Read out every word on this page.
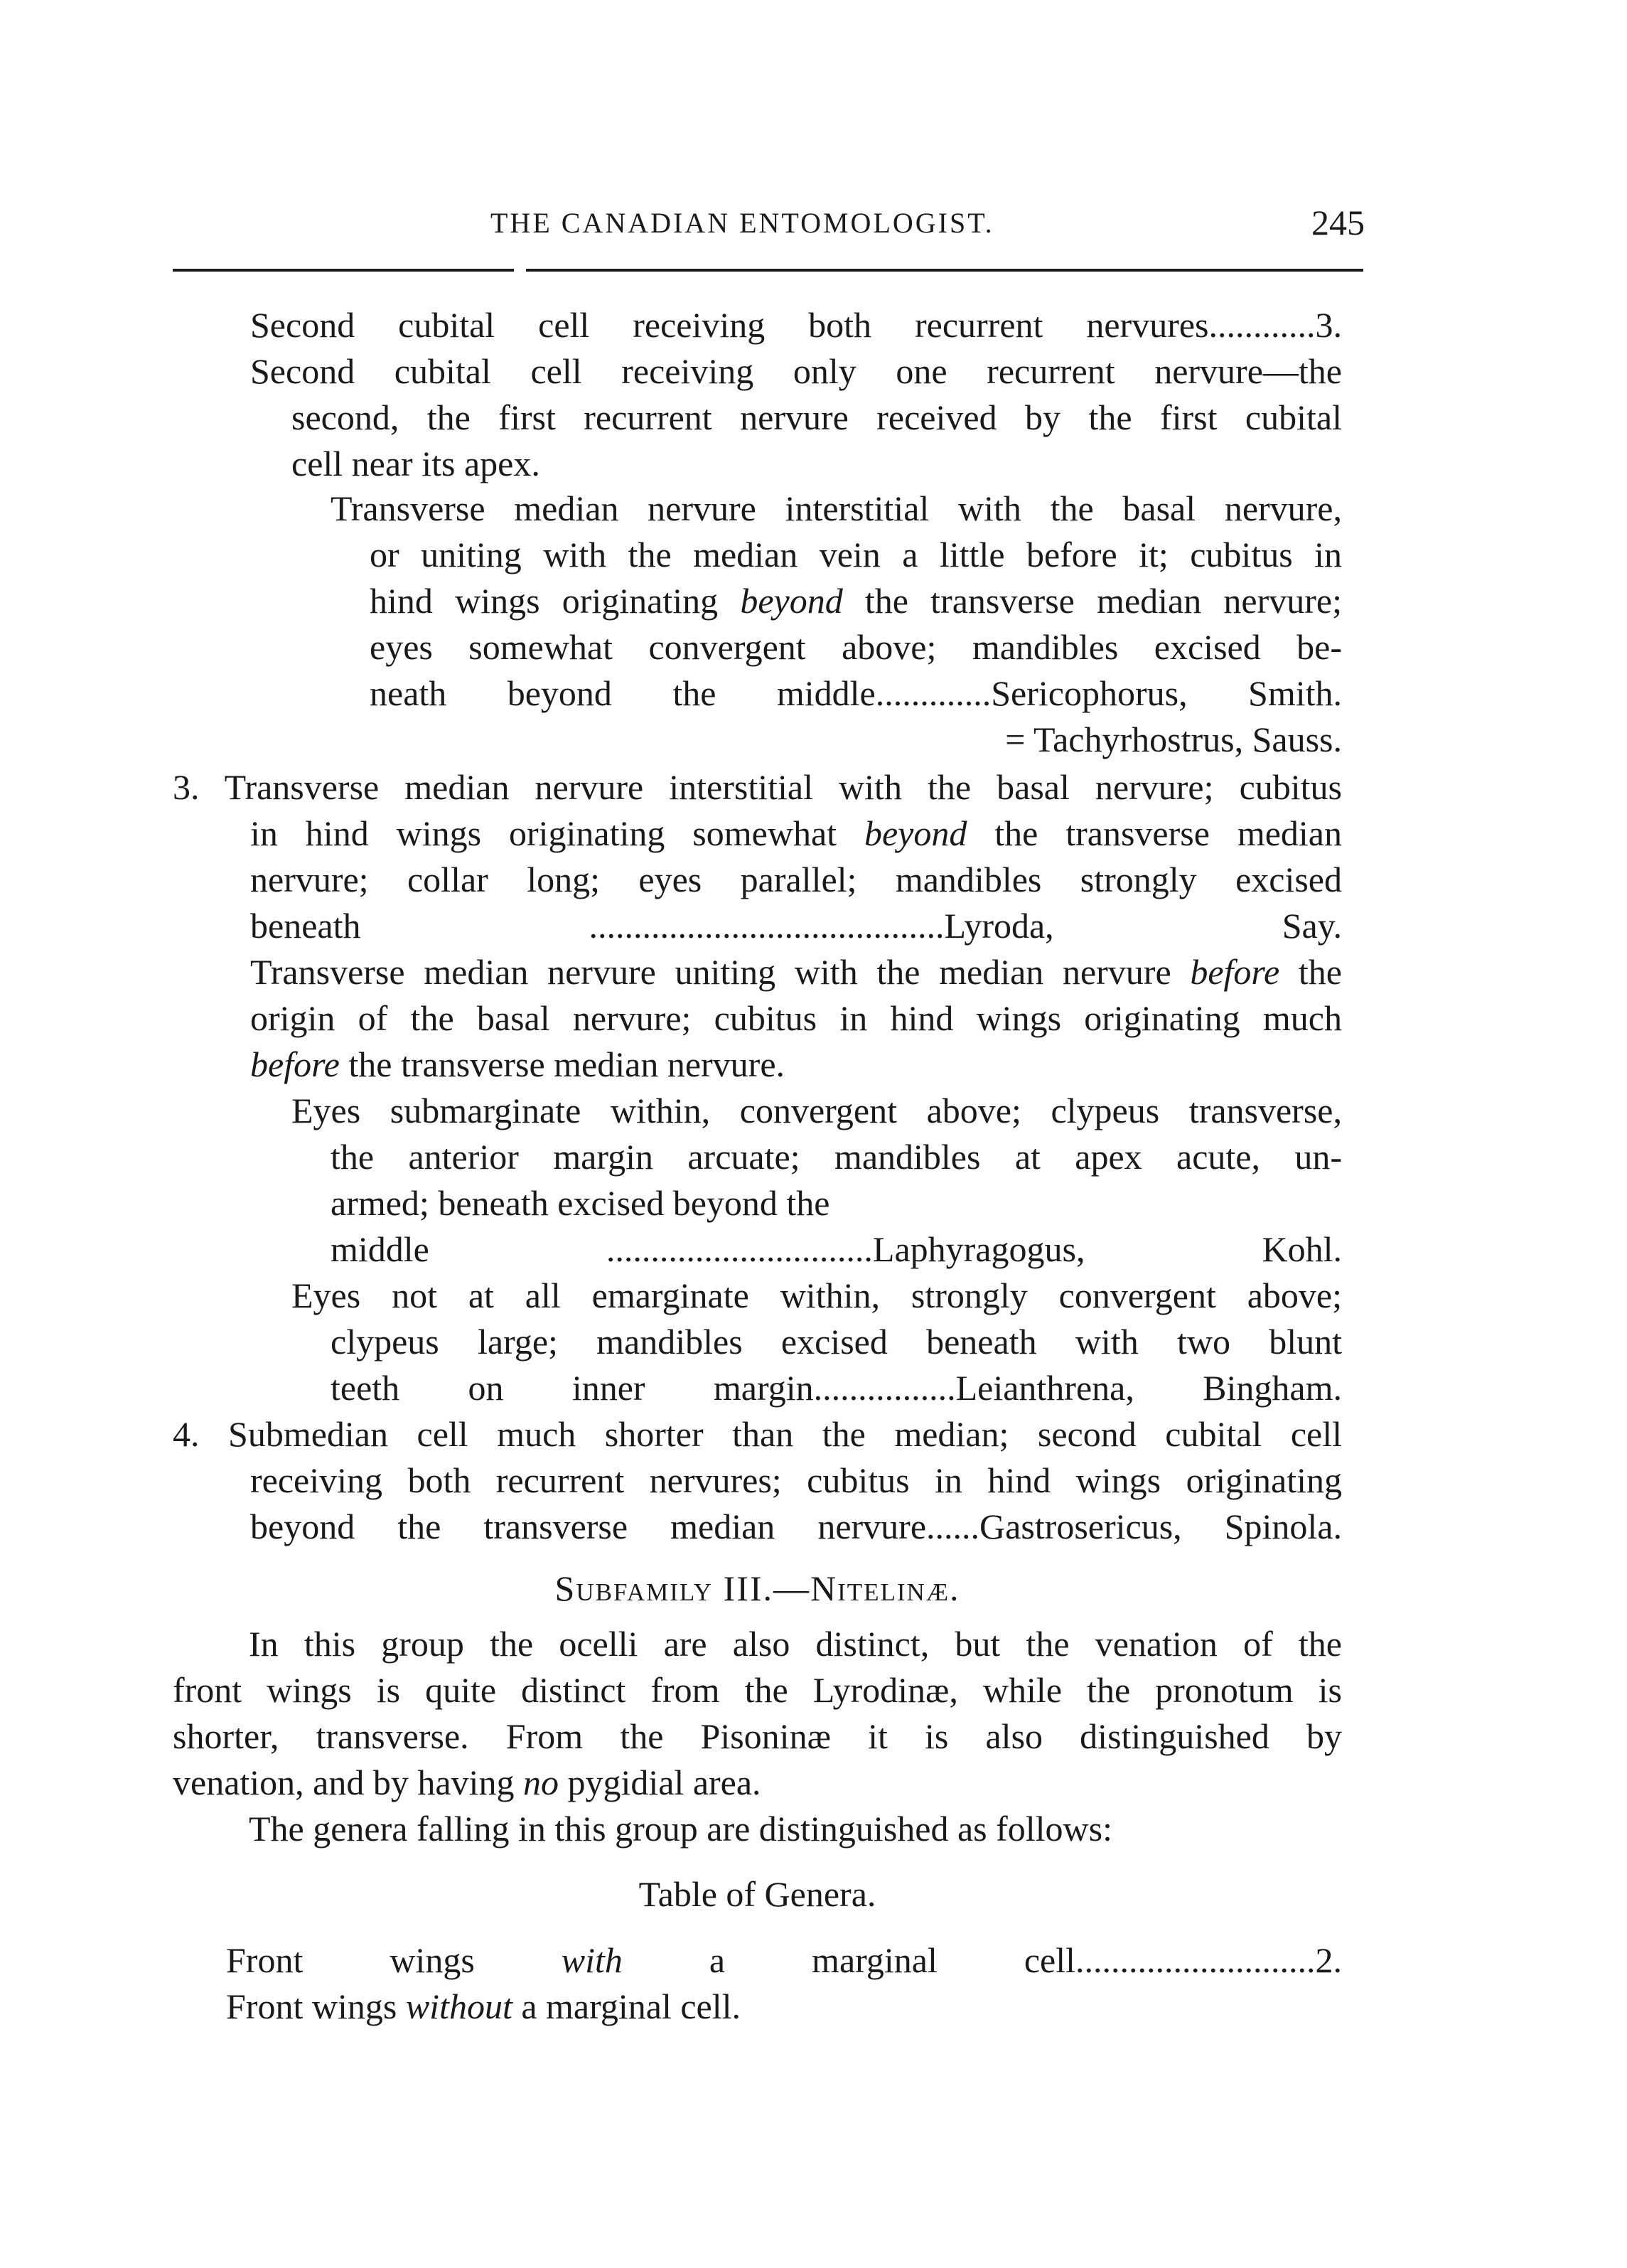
THE CANADIAN ENTOMOLOGIST.	245
Second cubital cell receiving both recurrent nervures............3.
Second cubital cell receiving only one recurrent nervure—the
second, the first recurrent nervure received by the first cubital
cell near its apex.
Transverse median nervure interstitial with the basal nervure,
or uniting with the median vein a little before it; cubitus in
hind wings originating beyond the transverse median nervure;
eyes somewhat convergent above; mandibles excised be-
neath beyond the middle.............Sericophorus, Smith.
= Tachyrhostrus, Sauss.
3. Transverse median nervure interstitial with the basal nervure; cubitus
in hind wings originating somewhat beyond the transverse median
nervure; collar long; eyes parallel; mandibles strongly excised
beneath ........................................Lyroda, Say.
Transverse median nervure uniting with the median nervure before the
origin of the basal nervure; cubitus in hind wings originating much
before the transverse median nervure.
Eyes submarginate within, convergent above; clypeus transverse,
the anterior margin arcuate; mandibles at apex acute, un-
armed; beneath excised beyond the
middle ..............................Laphyragogus, Kohl.
Eyes not at all emarginate within, strongly convergent above;
clypeus large; mandibles excised beneath with two blunt
teeth on inner margin................Leianthrena, Bingham.
4. Submedian cell much shorter than the median; second cubital cell
receiving both recurrent nervures; cubitus in hind wings originating
beyond the transverse median nervure......Gastrosericus, Spinola.
Subfamily III.—Nitelinæ.
In this group the ocelli are also distinct, but the venation of the
front wings is quite distinct from the Lyrodinæ, while the pronotum is
shorter, transverse. From the Pisoninæ it is also distinguished by
venation, and by having no pygidial area.
The genera falling in this group are distinguished as follows:
Table of Genera.
Front wings with a marginal cell...........................2.
Front wings without a marginal cell.
